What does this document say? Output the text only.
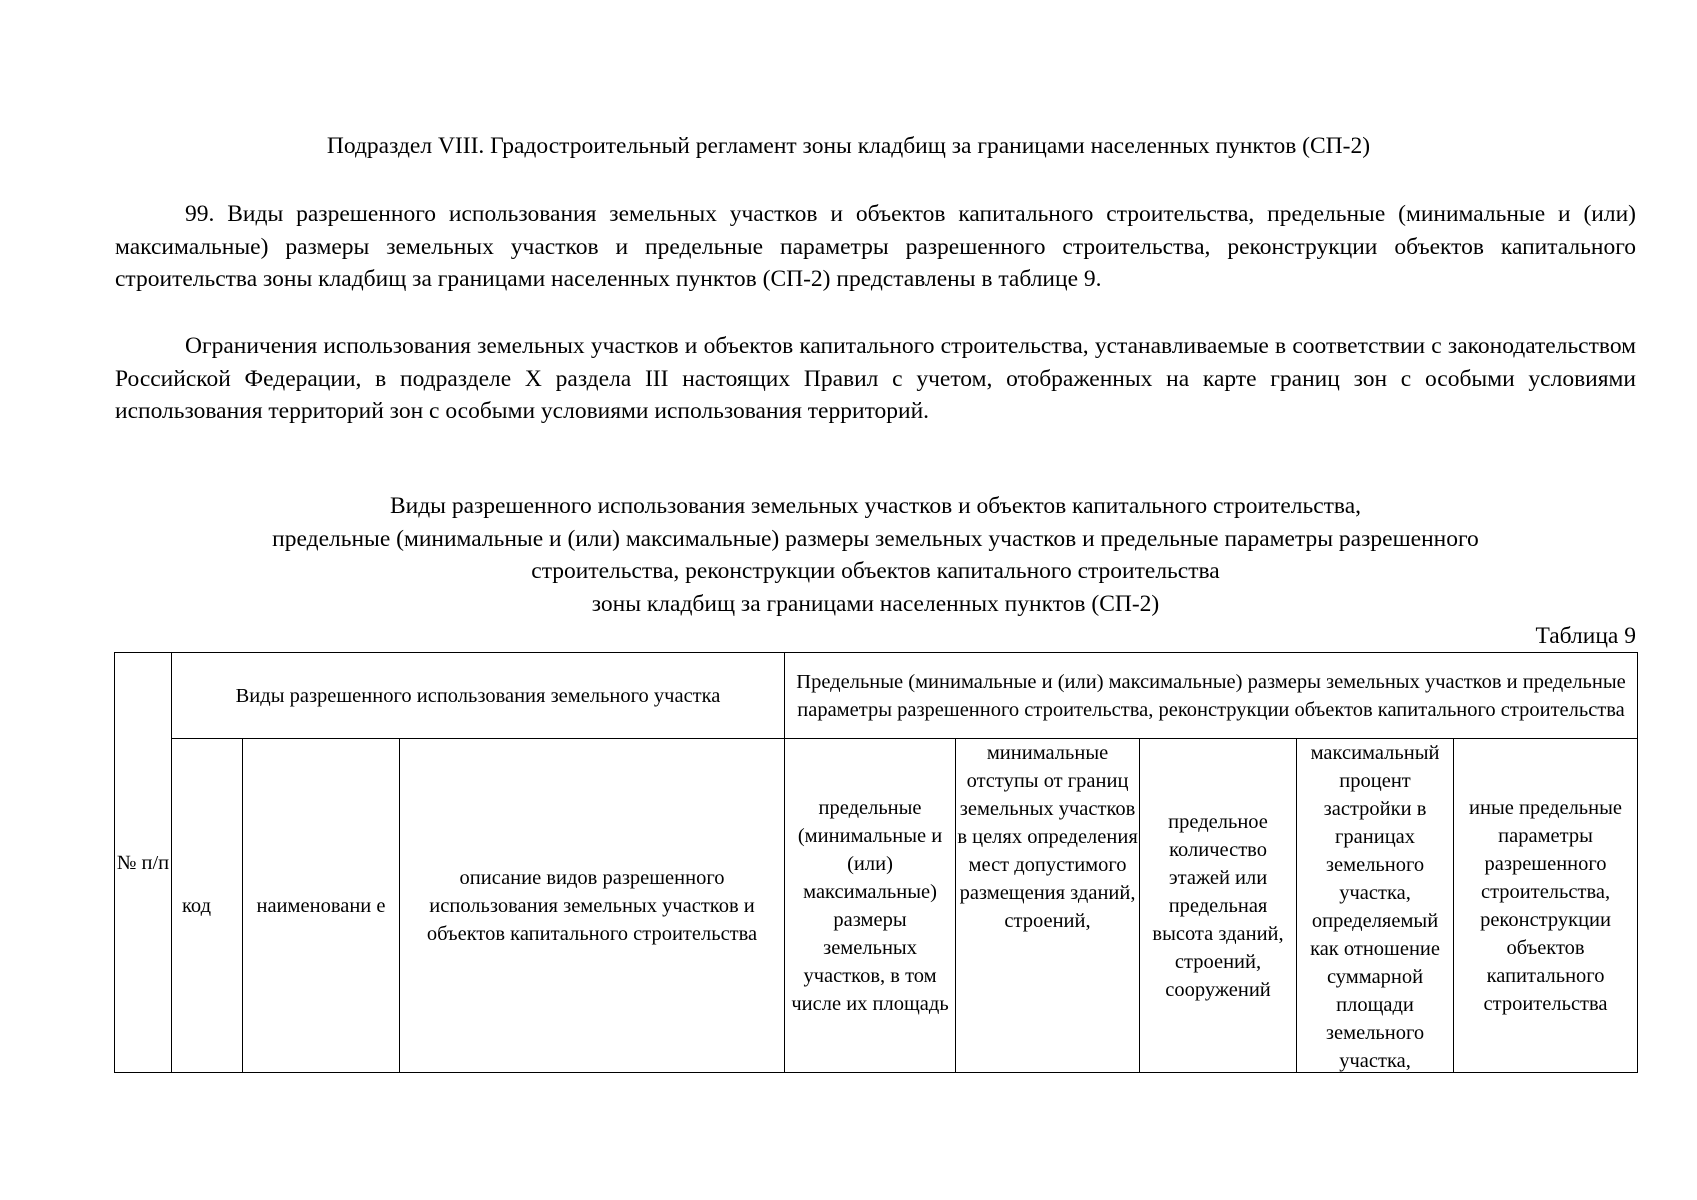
Подраздел VIII. Градостроительный регламент зоны кладбищ за границами населенных пунктов (СП-2)

99. Виды разрешенного использования земельных участков и объектов капитального строительства, предельные (минимальные и (или) максимальные) размеры земельных участков и предельные параметры разрешенного строительства, реконструкции объектов капитального строительства зоны кладбищ за границами населенных пунктов (СП-2) представлены в таблице 9.

Ограничения использования земельных участков и объектов капитального строительства, устанавливаемые в соответствии с законодательством Российской Федерации, в подразделе X раздела III настоящих Правил с учетом, отображенных на карте границ зон с особыми условиями использования территорий зон с особыми условиями использования территорий.

Виды разрешенного использования земельных участков и объектов капитального строительства,
предельные (минимальные и (или) максимальные) размеры земельных участков и предельные параметры разрешенного
строительства, реконструкции объектов капитального строительства
зоны кладбищ за границами населенных пунктов (СП-2)
Таблица 9
№ п/п	Виды разрешенного использования земельного участка			Предельные (минимальные и (или) максимальные) размеры земельных участков и предельные параметры разрешенного строительства, реконструкции объектов капитального строительства				
	код	наименовани е	описание видов разрешенного использования земельных участков и объектов капитального строительства	предельные (минимальные и (или) максимальные) размеры земельных участков, в том числе их площадь	минимальные отступы от границ земельных участков в целях определения мест допустимого размещения зданий, строений,	предельное количество этажей или предельная высота зданий, строений, сооружений	максимальный процент застройки в границах земельного участка, определяемый как отношение суммарной площади земельного участка,	иные предельные параметры разрешенного строительства, реконструкции объектов капитального строительства
